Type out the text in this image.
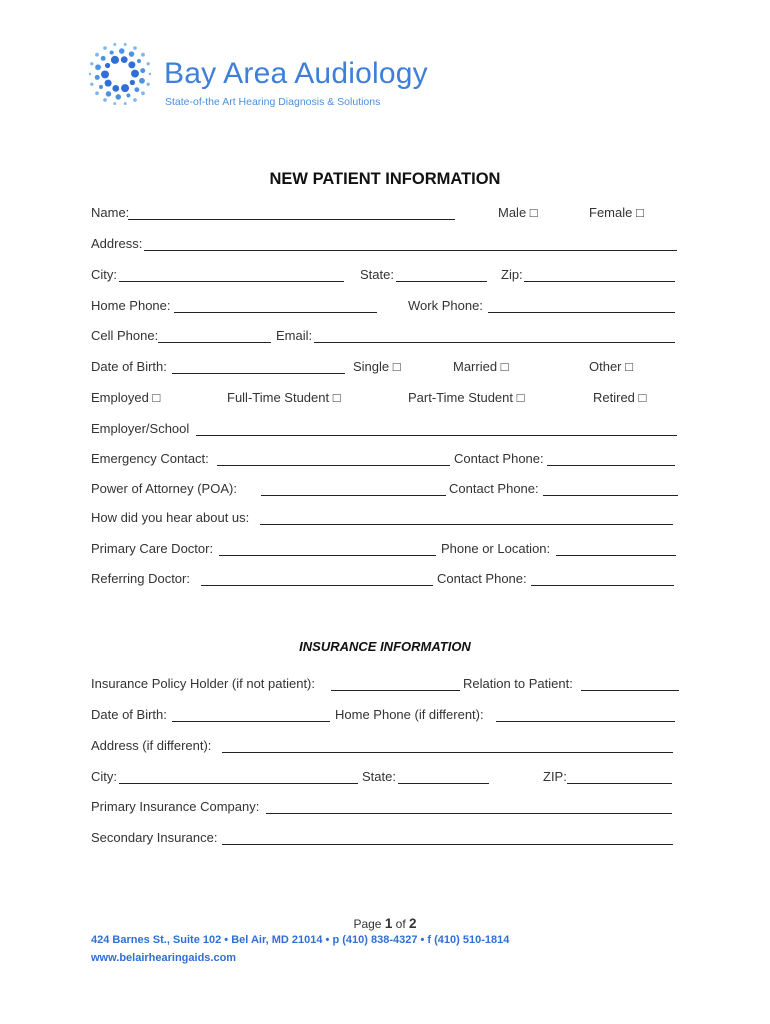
Bay Area Audiology
State-of-the Art Hearing Diagnosis & Solutions
NEW PATIENT INFORMATION
Name:	Male □	Female □
Address:
City:	State:	Zip:
Home Phone:	Work Phone:
Cell Phone:	Email:
Date of Birth:	Single □	Married □	Other □
Employed □	Full-Time Student □	Part-Time Student □	Retired □
Employer/School
Emergency Contact:	Contact Phone:
Power of Attorney (POA):	Contact Phone:
How did you hear about us:
Primary Care Doctor:	Phone or Location:
Referring Doctor:	Contact Phone:
INSURANCE INFORMATION
Insurance Policy Holder (if not patient):	Relation to Patient:
Date of Birth:	Home Phone (if different):
Address (if different):
City:	State:	ZIP:
Primary Insurance Company:
Secondary Insurance:
Page 1 of 2
424 Barnes St., Suite 102 • Bel Air, MD 21014 • p (410) 838-4327 • f (410) 510-1814
www.belairhearingaids.com
